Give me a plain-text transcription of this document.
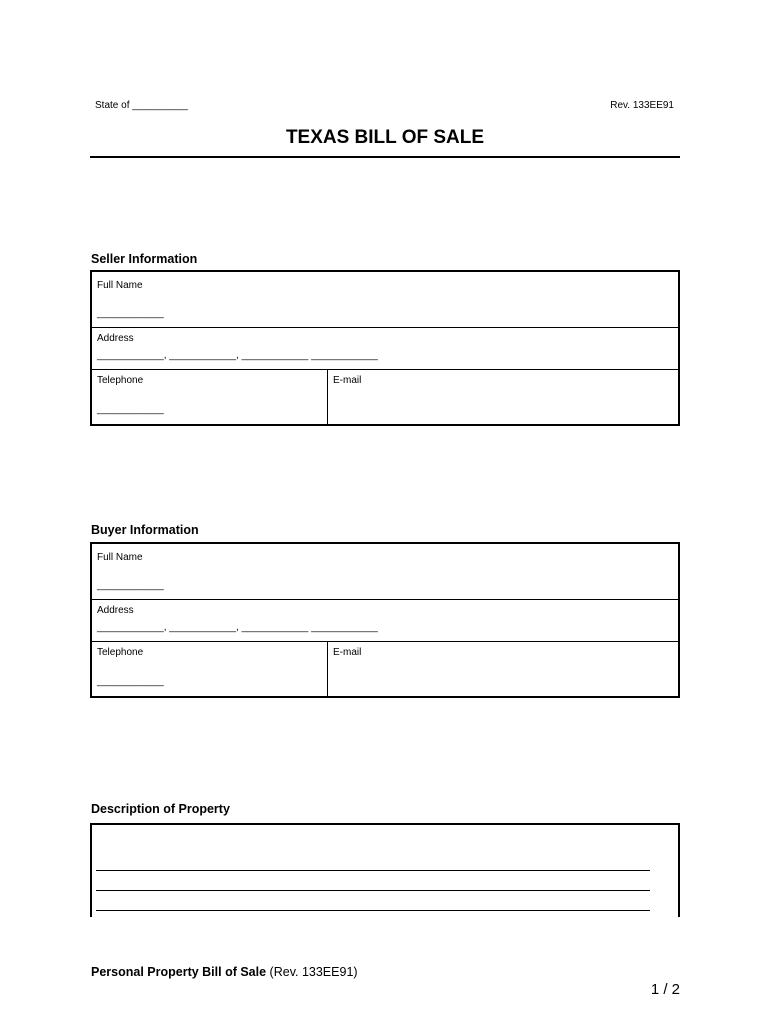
State of __________	Rev. 133EE91
TEXAS BILL OF SALE
Seller Information
Full Name
____________
Address
____________, ____________, ____________ ____________
Telephone
____________
E-mail
Buyer Information
Full Name
____________
Address
____________, ____________, ____________ ____________
Telephone
____________
E-mail
Description of Property
Personal Property Bill of Sale (Rev. 133EE91)
1 / 2
